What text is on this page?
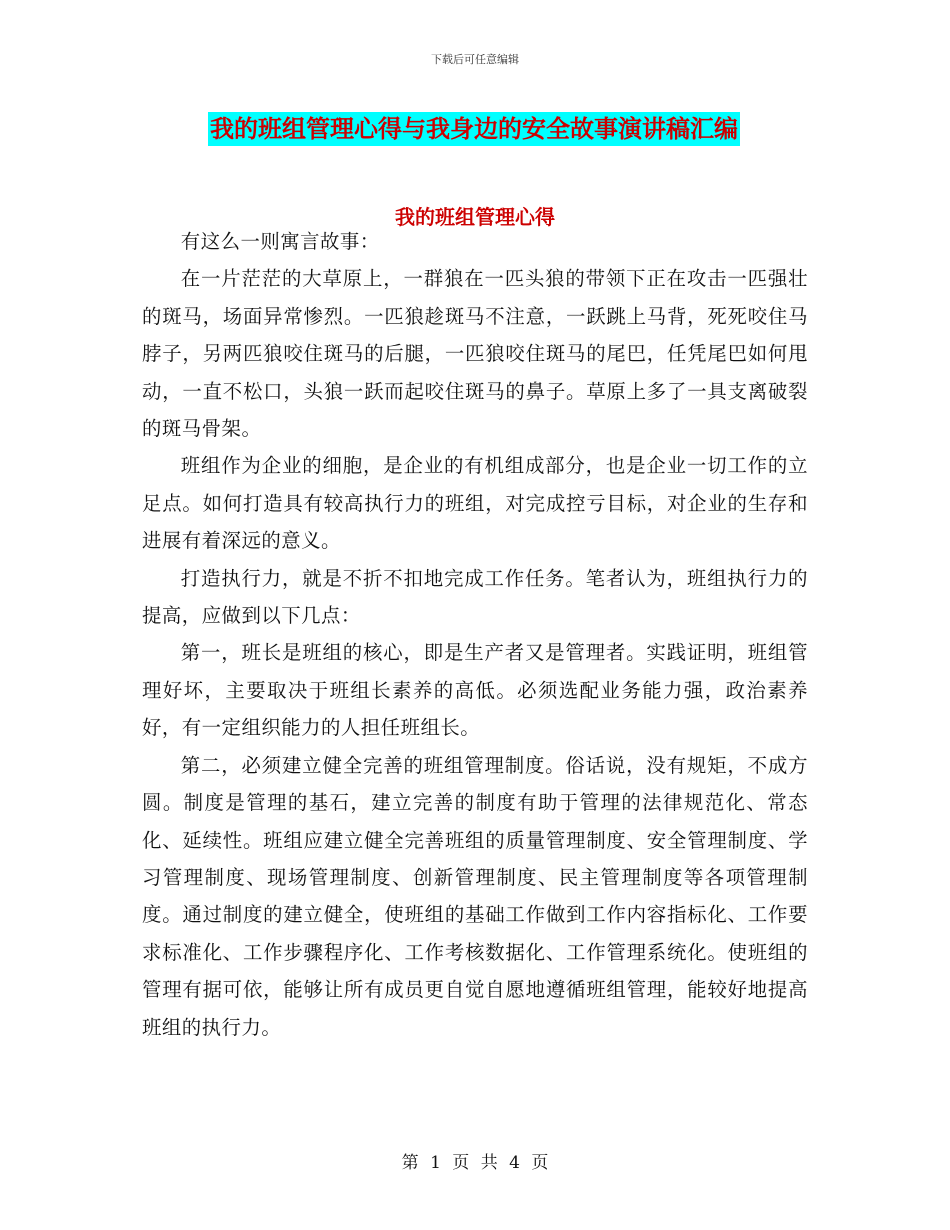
下载后可任意编辑
我的班组管理心得与我身边的安全故事演讲稿汇编
我的班组管理心得

有这么一则寓言故事：

在一片茫茫的大草原上，一群狼在一匹头狼的带领下正在攻击一匹强壮的斑马，场面异常惨烈。一匹狼趁斑马不注意，一跃跳上马背，死死咬住马脖子，另两匹狼咬住斑马的后腿，一匹狼咬住斑马的尾巴，任凭尾巴如何甩动，一直不松口，头狼一跃而起咬住斑马的鼻子。草原上多了一具支离破裂的斑马骨架。

班组作为企业的细胞，是企业的有机组成部分，也是企业一切工作的立足点。如何打造具有较高执行力的班组，对完成控亏目标，对企业的生存和进展有着深远的意义。

打造执行力，就是不折不扣地完成工作任务。笔者认为，班组执行力的提高，应做到以下几点：

第一，班长是班组的核心，即是生产者又是管理者。实践证明，班组管理好坏，主要取决于班组长素养的高低。必须选配业务能力强，政治素养好，有一定组织能力的人担任班组长。

第二，必须建立健全完善的班组管理制度。俗话说，没有规矩，不成方圆。制度是管理的基石，建立完善的制度有助于管理的法律规范化、常态化、延续性。班组应建立健全完善班组的质量管理制度、安全管理制度、学习管理制度、现场管理制度、创新管理制度、民主管理制度等各项管理制度。通过制度的建立健全，使班组的基础工作做到工作内容指标化、工作要求标准化、工作步骤程序化、工作考核数据化、工作管理系统化。使班组的管理有据可依，能够让所有成员更自觉自愿地遵循班组管理，能较好地提高班组的执行力。

第 1 页 共 4 页
